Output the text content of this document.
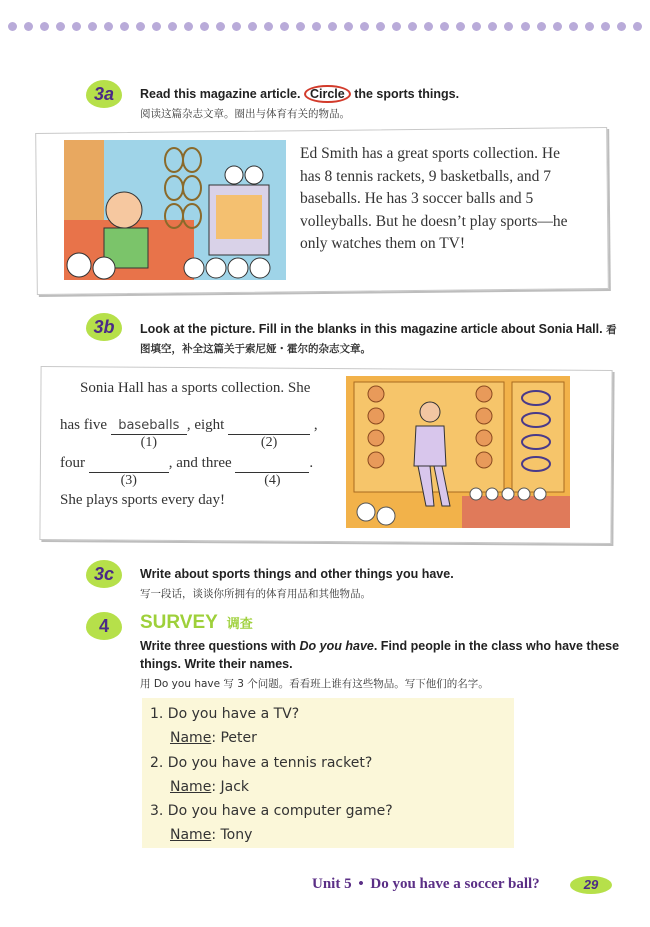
3a	Read this magazine article. Circle the sports things.
阅读这篇杂志文章。圈出与体育有关的物品。
Ed Smith has a great sports collection. He has 8 tennis rackets, 9 basketballs, and 7 baseballs. He has 3 soccer balls and 5 volleyballs. But he doesn’t play sports—he only watches them on TV!
3b	Look at the picture. Fill in the blanks in this magazine article about Sonia Hall. 看图填空，补全这篇关于索尼娅・霍尔的杂志文章。
Sonia Hall has a sports collection. She
has five baseballs
(1)
, eight
(2)
,
four
(3)
, and three
(4)
.
She plays sports every day!
3c	Write about sports things and other things you have.
写一段话，谈谈你所拥有的体育用品和其他物品。
4	SURVEY 调查
Write three questions with Do you have. Find people in the class who have these things. Write their names.
用 Do you have 写 3 个问题。看看班上谁有这些物品。写下他们的名字。
1. Do you have a TV?
Name: Peter
2. Do you have a tennis racket?
Name: Jack
3. Do you have a computer game?
Name: Tony
Unit 5 • Do you have a soccer ball?	29
